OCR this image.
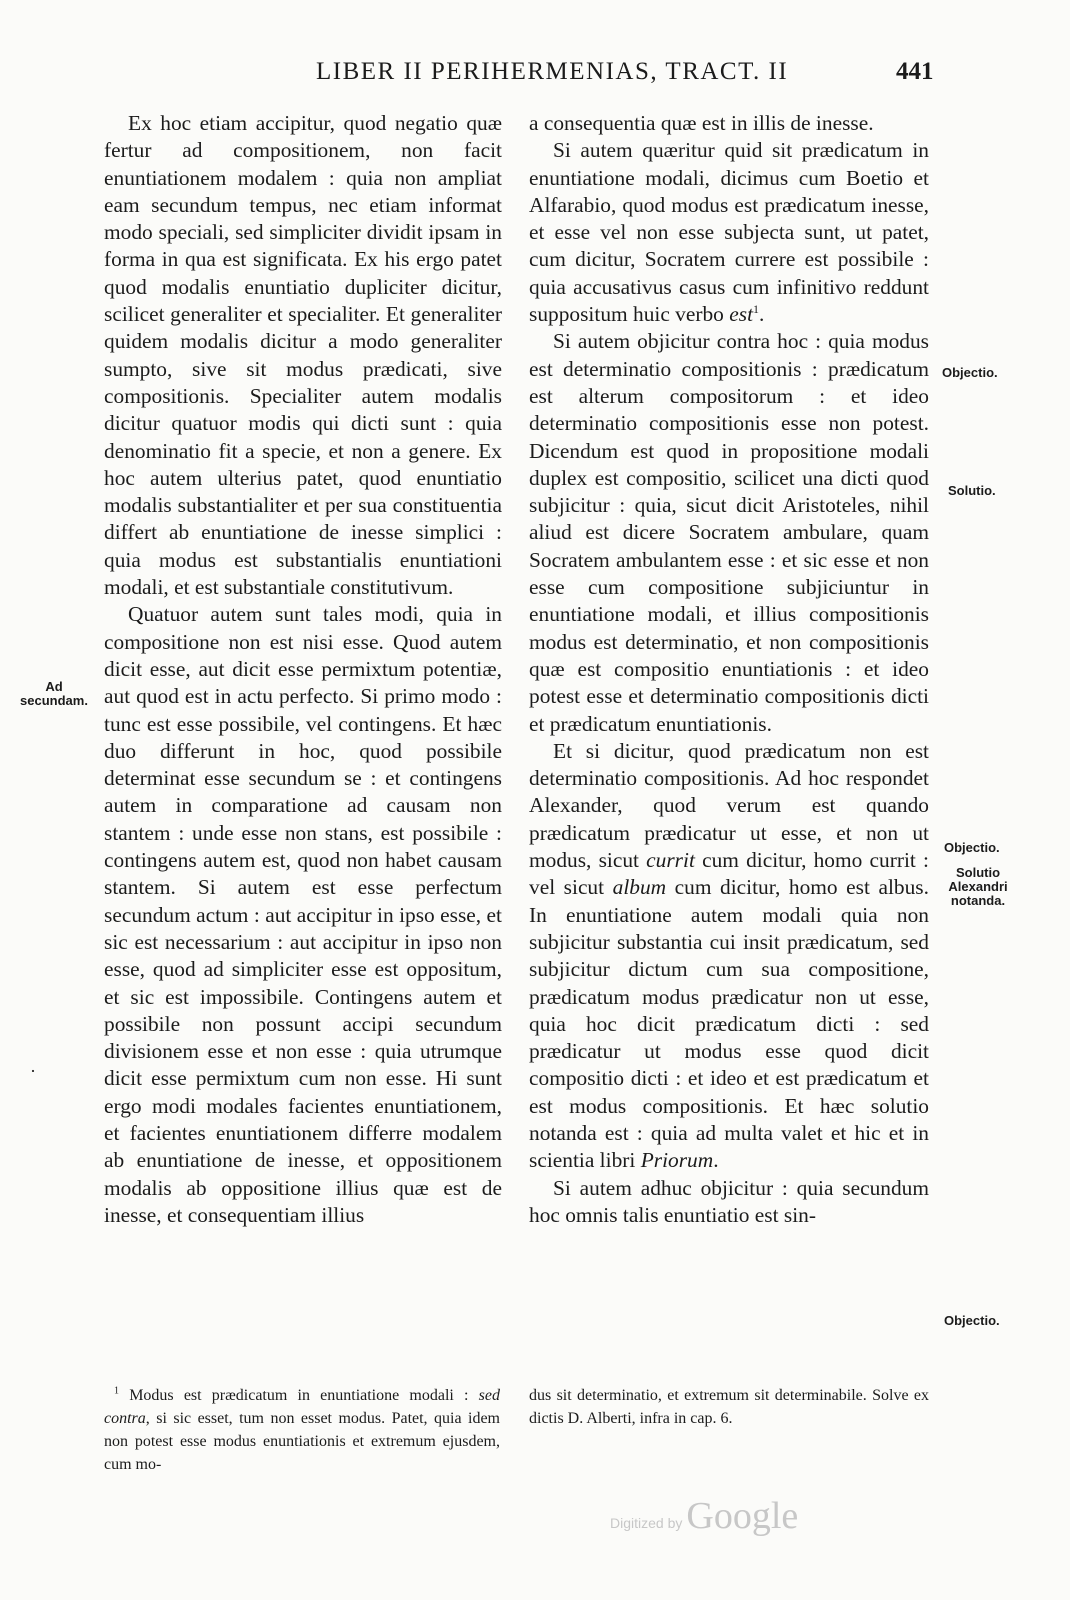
LIBER II PERIHERMENIAS, TRACT. II	441

Ex hoc etiam accipitur, quod negatio quæ fertur ad compositionem, non facit enuntiationem modalem : quia non ampliat eam secundum tempus, nec etiam informat modo speciali, sed simpliciter dividit ipsam in forma in qua est significata. Ex his ergo patet quod modalis enuntiatio dupliciter dicitur, scilicet generaliter et specialiter. Et generaliter quidem modalis dicitur a modo generaliter sumpto, sive sit modus prædicati, sive compositionis. Specialiter autem modalis dicitur quatuor modis qui dicti sunt : quia denominatio fit a specie, et non a genere. Ex hoc autem ulterius patet, quod enuntiatio modalis substantialiter et per sua constituentia differt ab enuntiatione de inesse simplici : quia modus est substantialis enuntiationi modali, et est substantiale constitutivum.

Quatuor autem sunt tales modi, quia in compositione non est nisi esse. Quod autem dicit esse, aut dicit esse permixtum potentiæ, aut quod est in actu perfecto. Si primo modo : tunc est esse possibile, vel contingens. Et hæc duo differunt in hoc, quod possibile determinat esse secundum se : et contingens autem in comparatione ad causam non stantem : unde esse non stans, est possibile : contingens autem est, quod non habet causam stantem. Si autem est esse perfectum secundum actum : aut accipitur in ipso esse, et sic est necessarium : aut accipitur in ipso non esse, quod ad simpliciter esse est oppositum, et sic est impossibile. Contingens autem et possibile non possunt accipi secundum divisionem esse et non esse : quia utrumque dicit esse permixtum cum non esse. Hi sunt ergo modi modales facientes enuntiationem, et facientes enuntiationem differre modalem ab enuntiatione de inesse, et oppositionem modalis ab oppositione illius quæ est de inesse, et consequentiam illius

a consequentia quæ est in illis de inesse.

Si autem quæritur quid sit prædicatum in enuntiatione modali, dicimus cum Boetio et Alfarabio, quod modus est prædicatum inesse, et esse vel non esse subjecta sunt, ut patet, cum dicitur, Socratem currere est possibile : quia accusativus casus cum infinitivo reddunt suppositum huic verbo est$^1$.

Si autem objicitur contra hoc : quia modus est determinatio compositionis : prædicatum est alterum compositorum : et ideo determinatio compositionis esse non potest. Dicendum est quod in propositione modali duplex est compositio, scilicet una dicti quod subjicitur : quia, sicut dicit Aristoteles, nihil aliud est dicere Socratem ambulare, quam Socratem ambulantem esse : et sic esse et non esse cum compositione subjiciuntur in enuntiatione modali, et illius compositionis modus est determinatio, et non compositionis quæ est compositio enuntiationis : et ideo potest esse et determinatio compositionis dicti et prædicatum enuntiationis.

Et si dicitur, quod prædicatum non est determinatio compositionis. Ad hoc respondet Alexander, quod verum est quando prædicatum prædicatur ut esse, et non ut modus, sicut currit cum dicitur, homo currit : vel sicut album cum dicitur, homo est albus. In enuntiatione autem modali quia non subjicitur substantia cui insit prædicatum, sed subjicitur dictum cum sua compositione, prædicatum modus prædicatur non ut esse, quia hoc dicit prædicatum dicti : sed prædicatur ut modus esse quod dicit compositio dicti : et ideo et est prædicatum et est modus compositionis. Et hæc solutio notanda est : quia ad multa valet et hic et in scientia libri Priorum.

Si autem adhuc objicitur : quia secundum hoc omnis talis enuntiatio est sin-

Ad secundam.
Objectio.
Solutio.
Objectio.
Solutio Alexandri notanda.
Objectio.
·
$^1$ Modus est prædicatum in enuntiatione modali : sed contra, si sic esset, tum non esset modus. Patet, quia idem non potest esse modus enuntiationis et extremum ejusdem, cum mo-
dus sit determinatio, et extremum sit determinabile. Solve ex dictis D. Alberti, infra in cap. 6.
Digitized by Google
